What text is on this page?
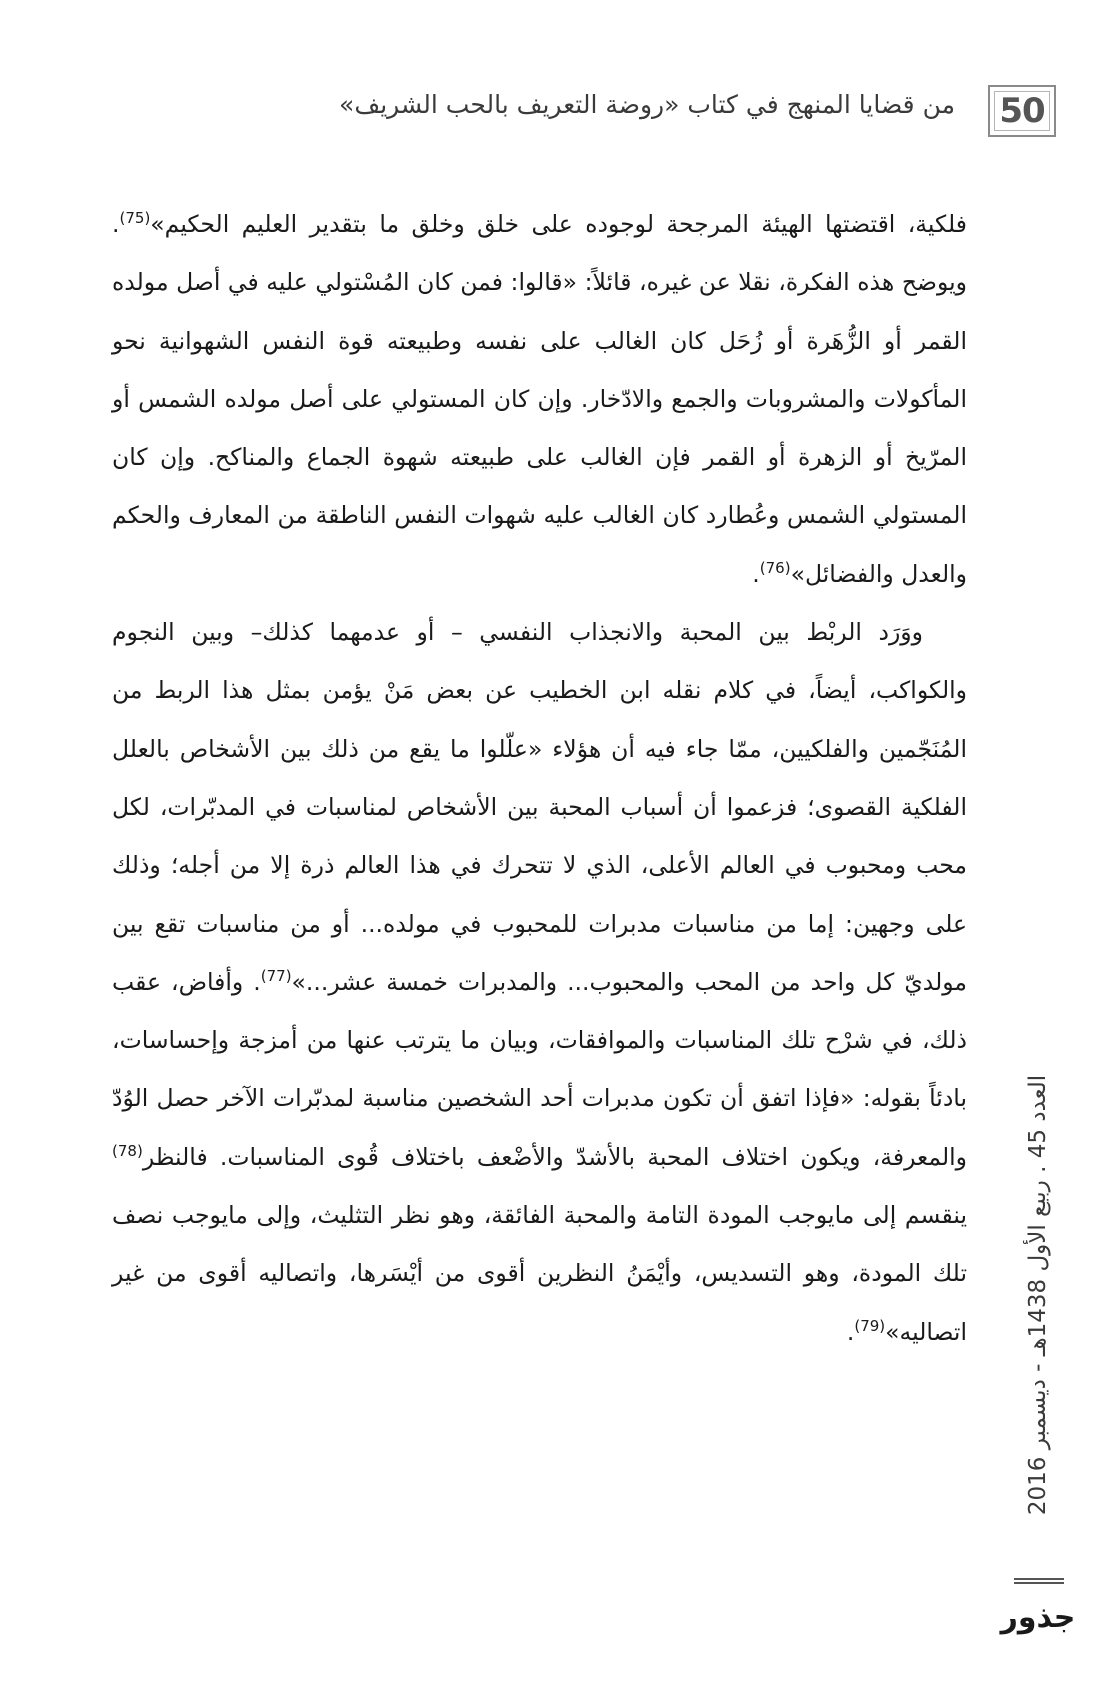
50
من قضايا المنهج في كتاب «روضة التعريف بالحب الشريف»

فلكية، اقتضتها الهيئة المرجحة لوجوده على خلق وخلق ما بتقدير العليم الحكيم»$^{(75)}$. ويوضح هذه الفكرة، نقلا عن غيره، قائلاً: «قالوا: فمن كان المُسْتولي عليه في أصل مولده القمر أو الزُّهَرة أو زُحَل كان الغالب على نفسه وطبيعته قوة النفس الشهوانية نحو المأكولات والمشروبات والجمع والادّخار. وإن كان المستولي على أصل مولده الشمس أو المرّيخ أو الزهرة أو القمر فإن الغالب على طبيعته شهوة الجماع والمناكح. وإن كان المستولي الشمس وعُطارد كان الغالب عليه شهوات النفس الناطقة من المعارف والحكم والعدل والفضائل»$^{(76)}$.

ووَرَد الربْط بين المحبة والانجذاب النفسي – أو عدمهما كذلك– وبين النجوم والكواكب، أيضاً، في كلام نقله ابن الخطيب عن بعض مَنْ يؤمن بمثل هذا الربط من المُنَجّمين والفلكيين، ممّا جاء فيه أن هؤلاء «علّلوا ما يقع من ذلك بين الأشخاص بالعلل الفلكية القصوى؛ فزعموا أن أسباب المحبة بين الأشخاص لمناسبات في المدبّرات، لكل محب ومحبوب في العالم الأعلى، الذي لا تتحرك في هذا العالم ذرة إلا من أجله؛ وذلك على وجهين: إما من مناسبات مدبرات للمحبوب في مولده... أو من مناسبات تقع بين مولديّ كل واحد من المحب والمحبوب... والمدبرات خمسة عشر...»$^{(77)}$. وأفاض، عقب ذلك، في شرْح تلك المناسبات والموافقات، وبيان ما يترتب عنها من أمزجة وإحساسات، بادئاً بقوله: «فإذا اتفق أن تكون مدبرات أحد الشخصين مناسبة لمدبّرات الآخر حصل الوُدّ والمعرفة، ويكون اختلاف المحبة بالأشدّ والأضْعف باختلاف قُوى المناسبات. فالنظر$^{(78)}$ ينقسم إلى مايوجب المودة التامة والمحبة الفائقة، وهو نظر التثليث، وإلى مايوجب نصف تلك المودة، وهو التسديس، وأيْمَنُ النظرين أقوى من أيْسَرها، واتصاليه أقوى من غير اتصاليه»$^{(79)}$.

العدد 45 . ربيع الأول 1438هـ - ديسمبر 2016
جذور
